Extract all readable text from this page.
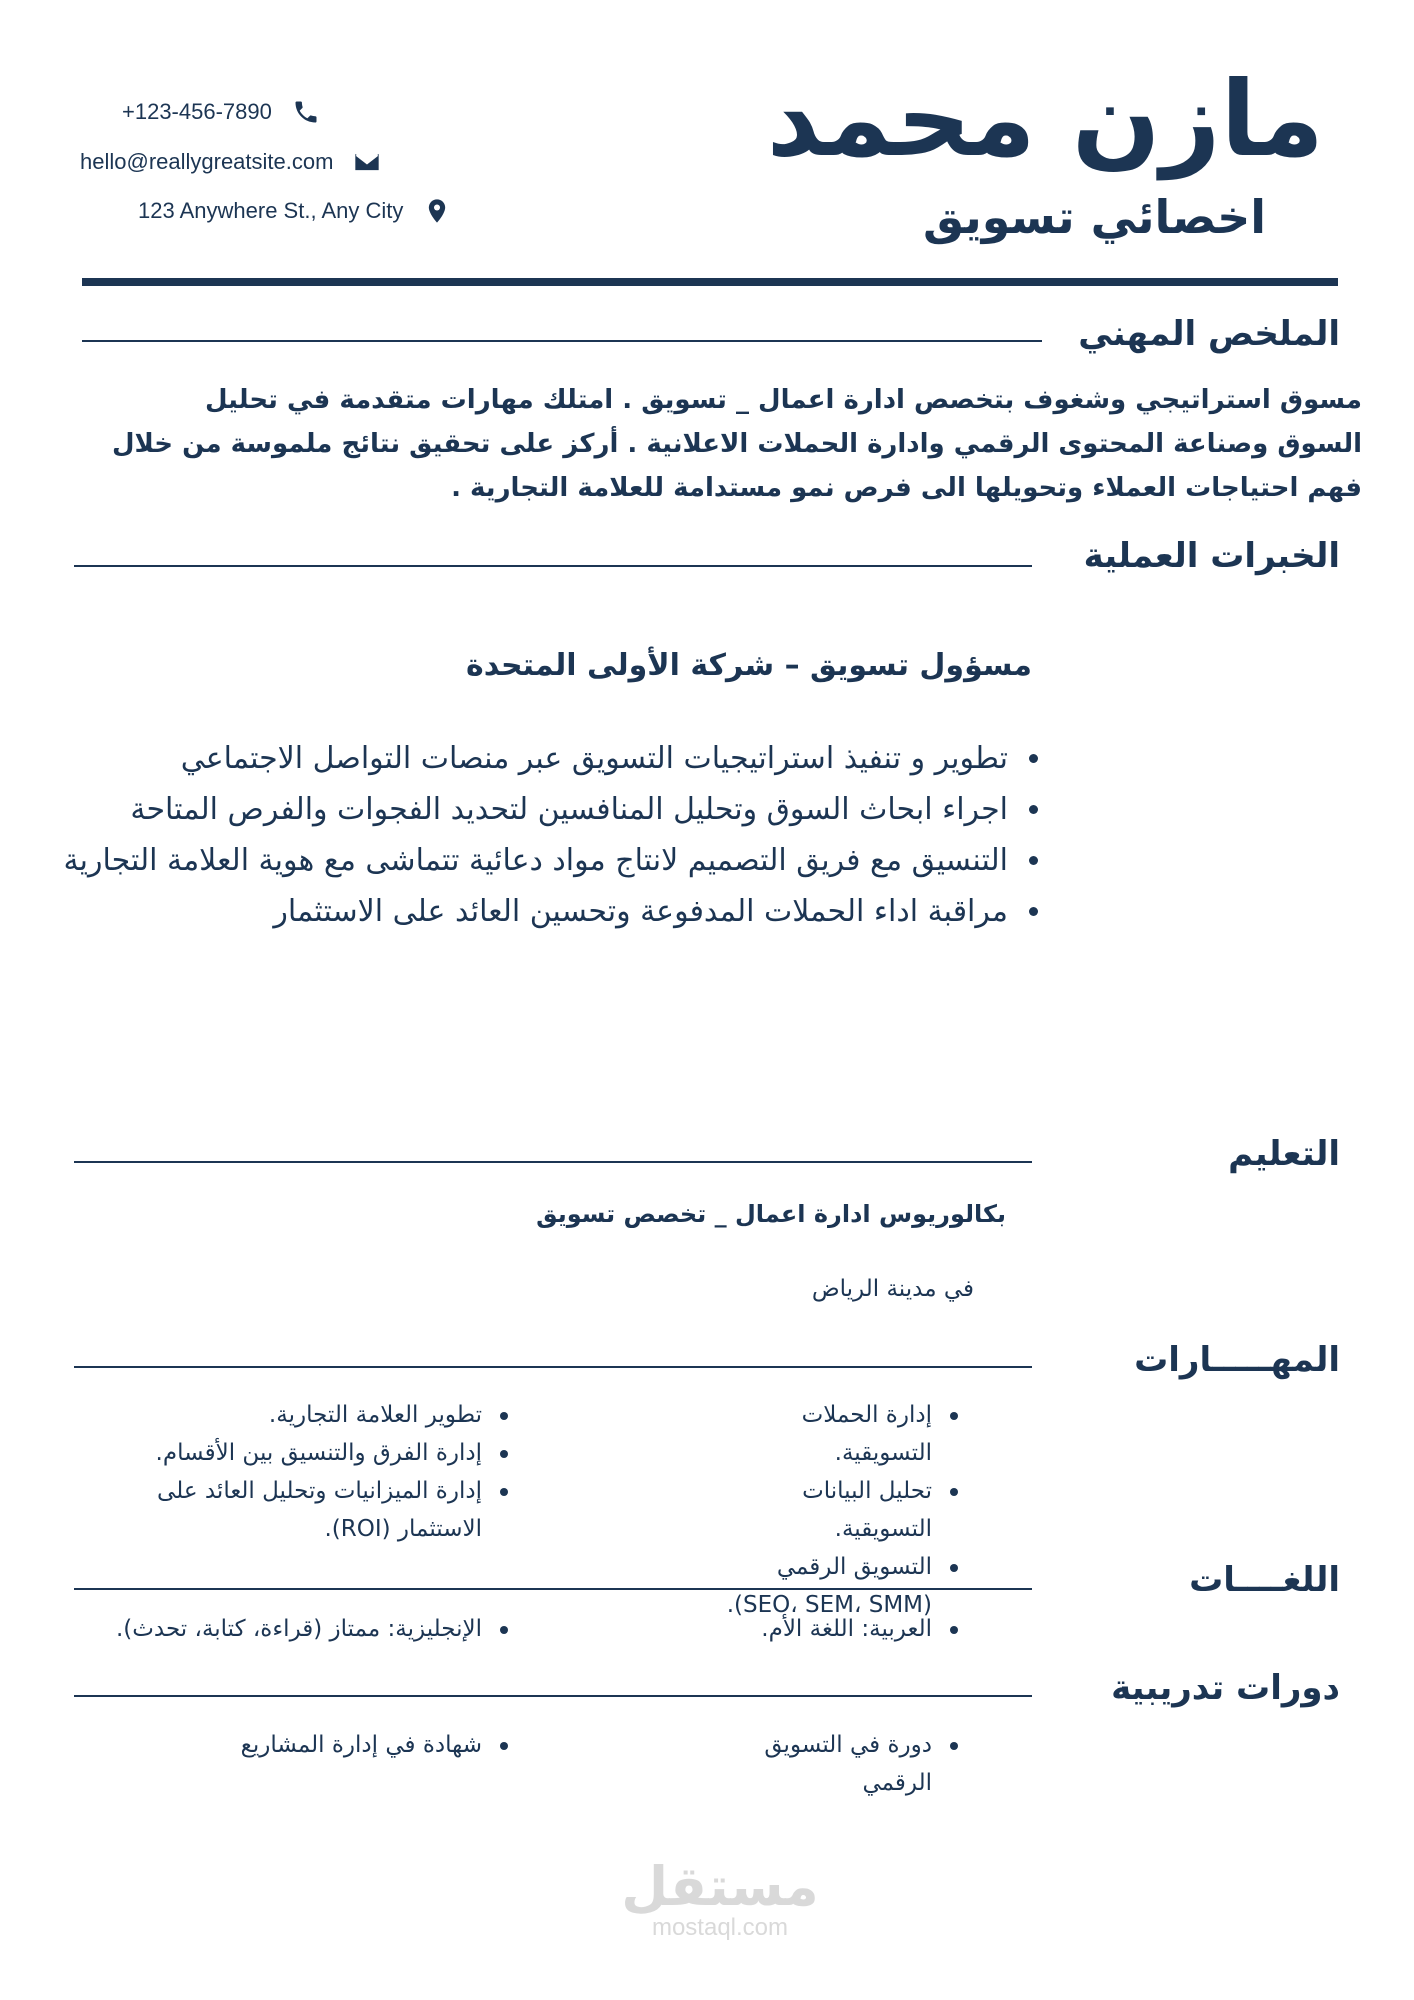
مازن محمد
اخصائي تسويق
+123-456-7890
hello@reallygreatsite.com
123 Anywhere St., Any City
الملخص المهني
مسوق استراتيجي وشغوف بتخصص ادارة اعمال _ تسويق . امتلك مهارات متقدمة في تحليل السوق وصناعة المحتوى الرقمي وادارة الحملات الاعلانية . أركز على تحقيق نتائج ملموسة من خلال فهم احتياجات العملاء وتحويلها الى فرص نمو مستدامة للعلامة التجارية .
الخبرات العملية
مسؤول تسويق – شركة الأولى المتحدة
تطوير و تنفيذ استراتيجيات التسويق عبر منصات التواصل الاجتماعي
اجراء ابحاث السوق وتحليل المنافسين لتحديد الفجوات والفرص المتاحة
التنسيق مع فريق التصميم لانتاج مواد دعائية تتماشى مع هوية العلامة التجارية
مراقبة اداء الحملات المدفوعة وتحسين العائد على الاستثمار
التعليم
بكالوريوس ادارة اعمال _ تخصص تسويق
في مدينة الرياض
المهـــــارات
إدارة الحملات التسويقية.
تحليل البيانات التسويقية.
التسويق الرقمي (SEO، SEM، SMM).
تطوير العلامة التجارية.
إدارة الفرق والتنسيق بين الأقسام.
إدارة الميزانيات وتحليل العائد على الاستثمار (ROI).
اللغــــات
العربية: اللغة الأم.
الإنجليزية: ممتاز (قراءة، كتابة، تحدث).
دورات تدريبية
دورة في التسويق الرقمي
شهادة في إدارة المشاريع
مستقل
mostaql.com
